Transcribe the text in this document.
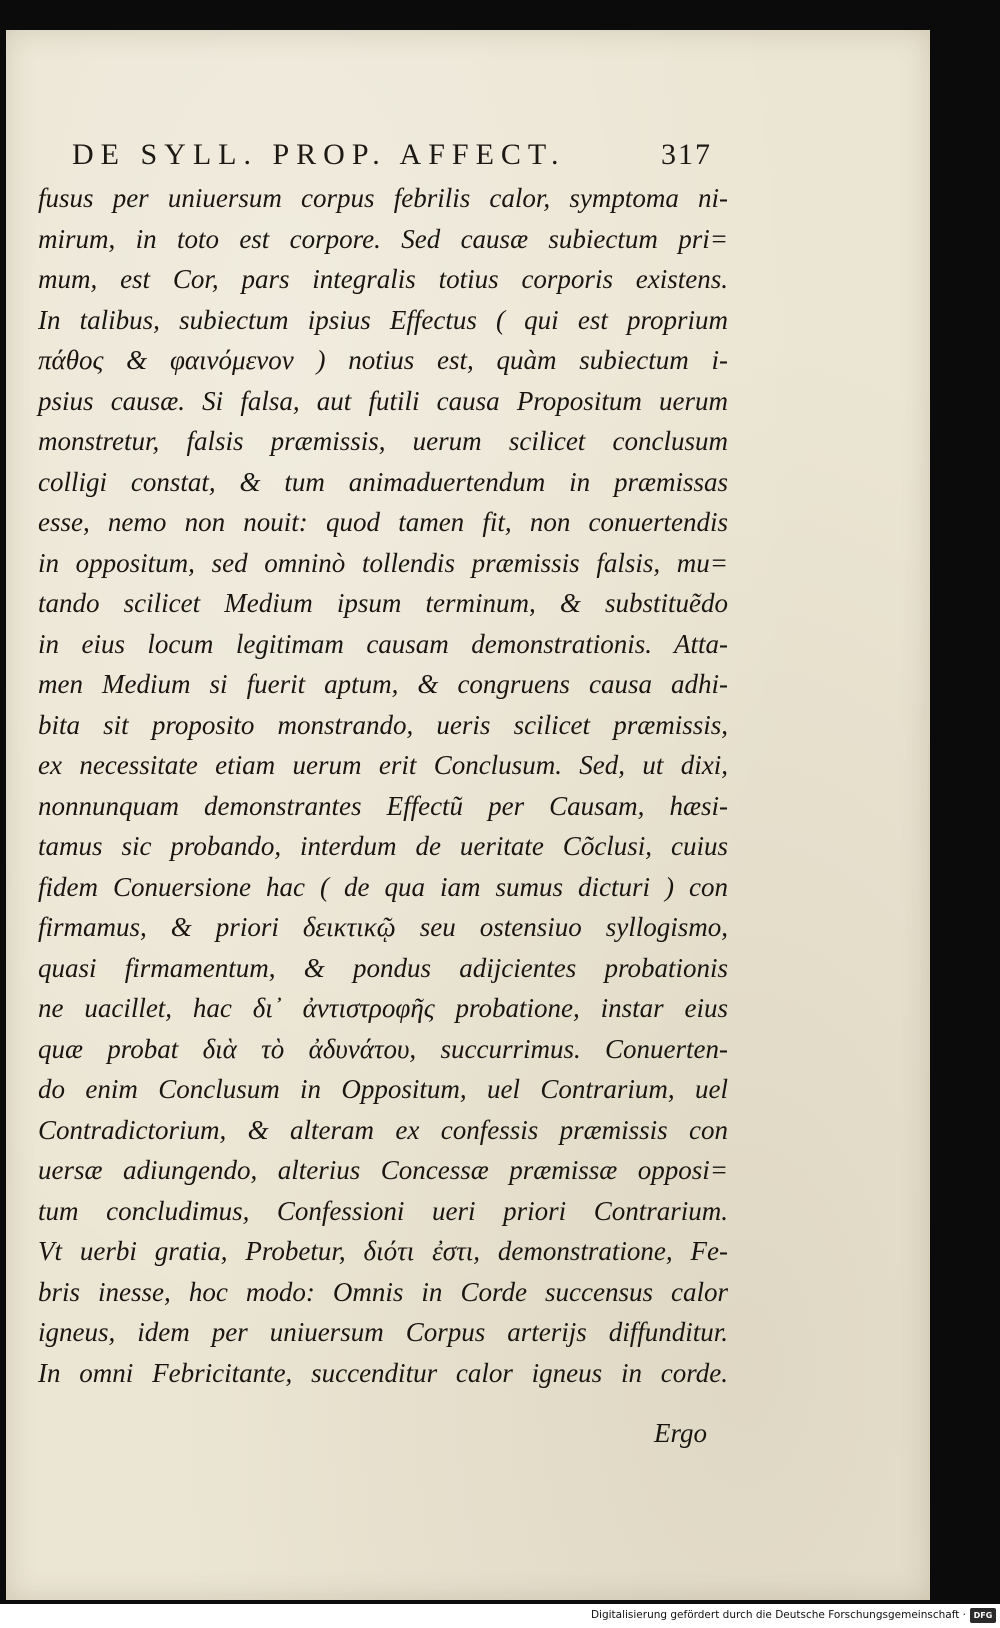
DE SYLL. PROP. AFFECT.	317
fusus per uniuersum corpus febrilis calor, symptoma ni-
mirum, in toto est corpore. Sed causæ subiectum pri=
mum, est Cor, pars integralis totius corporis existens.
In talibus, subiectum ipsius Effectus ( qui est proprium
πάθος & φαινόμενον ) notius est, quàm subiectum i-
psius causæ. Si falsa, aut futili causa Propositum uerum
monstretur, falsis præmissis, uerum scilicet conclusum
colligi constat, & tum animaduertendum in præmissas
esse, nemo non nouit: quod tamen fit, non conuertendis
in oppositum, sed omninò tollendis præmissis falsis, mu=
tando scilicet Medium ipsum terminum, & substituẽdo
in eius locum legitimam causam demonstrationis. Atta-
men Medium si fuerit aptum, & congruens causa adhi-
bita sit proposito monstrando, ueris scilicet præmissis,
ex necessitate etiam uerum erit Conclusum. Sed, ut dixi,
nonnunquam demonstrantes Effectũ per Causam, hæsi-
tamus sic probando, interdum de ueritate Cõclusi, cuius
fidem Conuersione hac ( de qua iam sumus dicturi ) con
firmamus, & priori δεικτικῷ seu ostensiuo syllogismo,
quasi firmamentum, & pondus adijcientes probationis
ne uacillet, hac δι᾽ ἀντιστροφῆς probatione, instar eius
quæ probat διὰ τὸ ἀδυνάτου, succurrimus. Conuerten-
do enim Conclusum in Oppositum, uel Contrarium, uel
Contradictorium, & alteram ex confessis præmissis con
uersæ adiungendo, alterius Concessæ præmissæ opposi=
tum concludimus, Confessioni ueri priori Contrarium.
Vt uerbi gratia, Probetur, διότι ἐστι, demonstratione, Fe-
bris inesse, hoc modo: Omnis in Corde succensus calor
igneus, idem per uniuersum Corpus arterijs diffunditur.
In omni Febricitante, succenditur calor igneus in corde.
Ergo
Digitalisierung gefördert durch die Deutsche Forschungsgemeinschaft · DFG
